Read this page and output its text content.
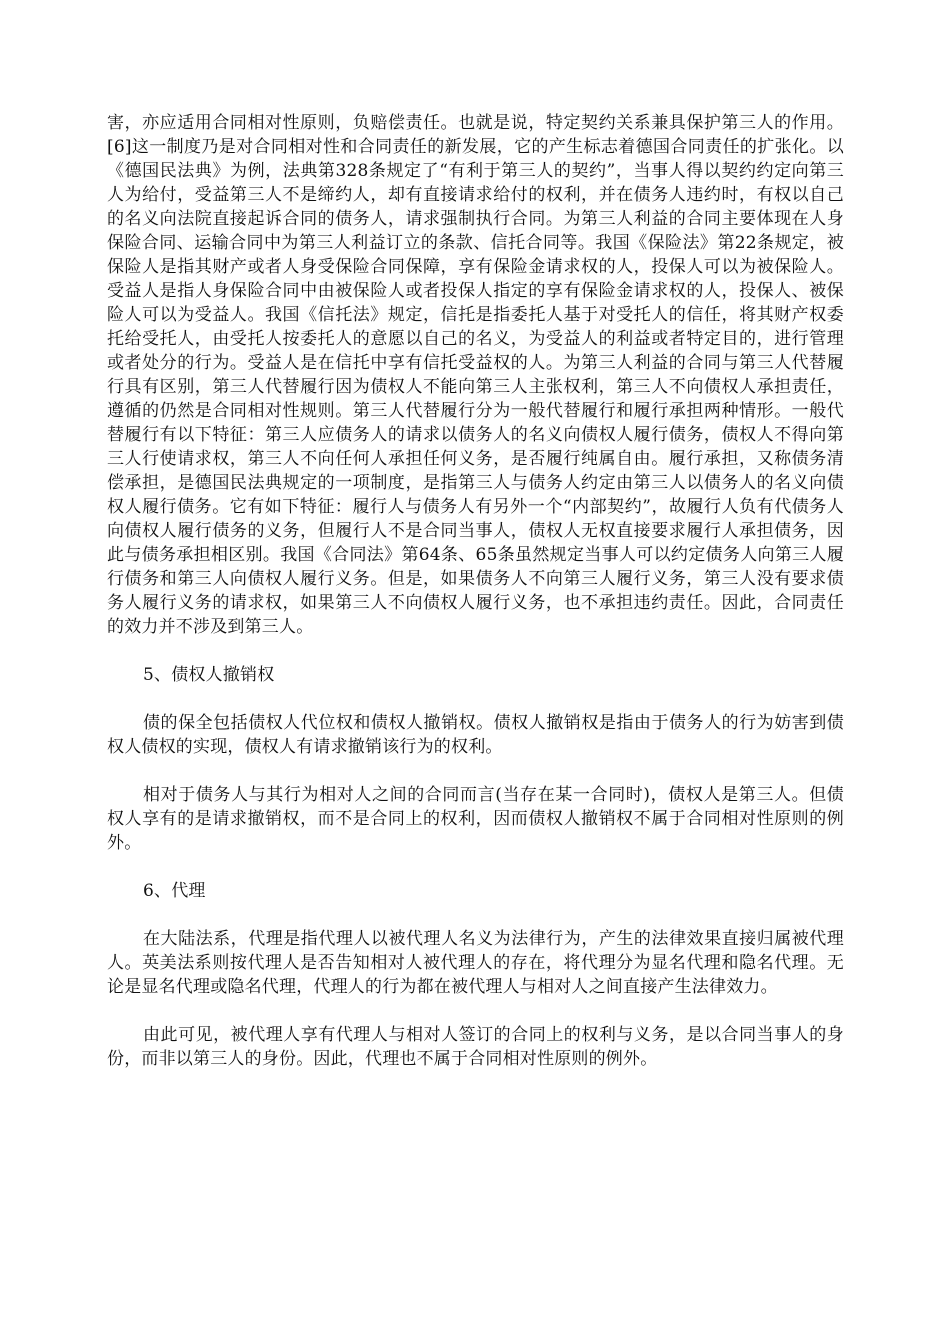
害，亦应适用合同相对性原则，负赔偿责任。也就是说，特定契约关系兼具保护第三人的作用。[6]这一制度乃是对合同相对性和合同责任的新发展，它的产生标志着德国合同责任的扩张化。以《德国民法典》为例，法典第328条规定了“有利于第三人的契约”，当事人得以契约约定向第三人为给付，受益第三人不是缔约人，却有直接请求给付的权利，并在债务人违约时，有权以自己的名义向法院直接起诉合同的债务人，请求强制执行合同。为第三人利益的合同主要体现在人身保险合同、运输合同中为第三人利益订立的条款、信托合同等。我国《保险法》第22条规定，被保险人是指其财产或者人身受保险合同保障，享有保险金请求权的人，投保人可以为被保险人。受益人是指人身保险合同中由被保险人或者投保人指定的享有保险金请求权的人，投保人、被保险人可以为受益人。我国《信托法》规定，信托是指委托人基于对受托人的信任，将其财产权委托给受托人，由受托人按委托人的意愿以自己的名义，为受益人的利益或者特定目的，进行管理或者处分的行为。受益人是在信托中享有信托受益权的人。为第三人利益的合同与第三人代替履行具有区别，第三人代替履行因为债权人不能向第三人主张权利，第三人不向债权人承担责任，遵循的仍然是合同相对性规则。第三人代替履行分为一般代替履行和履行承担两种情形。一般代替履行有以下特征：第三人应债务人的请求以债务人的名义向债权人履行债务，债权人不得向第三人行使请求权，第三人不向任何人承担任何义务，是否履行纯属自由。履行承担，又称债务清偿承担，是德国民法典规定的一项制度，是指第三人与债务人约定由第三人以债务人的名义向债权人履行债务。它有如下特征：履行人与债务人有另外一个“内部契约”，故履行人负有代债务人向债权人履行债务的义务，但履行人不是合同当事人，债权人无权直接要求履行人承担债务，因此与债务承担相区别。我国《合同法》第64条、65条虽然规定当事人可以约定债务人向第三人履行债务和第三人向债权人履行义务。但是，如果债务人不向第三人履行义务，第三人没有要求债务人履行义务的请求权，如果第三人不向债权人履行义务，也不承担违约责任。因此，合同责任的效力并不涉及到第三人。

5、债权人撤销权

债的保全包括债权人代位权和债权人撤销权。债权人撤销权是指由于债务人的行为妨害到债权人债权的实现，债权人有请求撤销该行为的权利。

相对于债务人与其行为相对人之间的合同而言(当存在某一合同时)，债权人是第三人。但债权人享有的是请求撤销权，而不是合同上的权利，因而债权人撤销权不属于合同相对性原则的例外。

6、代理

在大陆法系，代理是指代理人以被代理人名义为法律行为，产生的法律效果直接归属被代理人。英美法系则按代理人是否告知相对人被代理人的存在，将代理分为显名代理和隐名代理。无论是显名代理或隐名代理，代理人的行为都在被代理人与相对人之间直接产生法律效力。

由此可见，被代理人享有代理人与相对人签订的合同上的权利与义务，是以合同当事人的身份，而非以第三人的身份。因此，代理也不属于合同相对性原则的例外。
